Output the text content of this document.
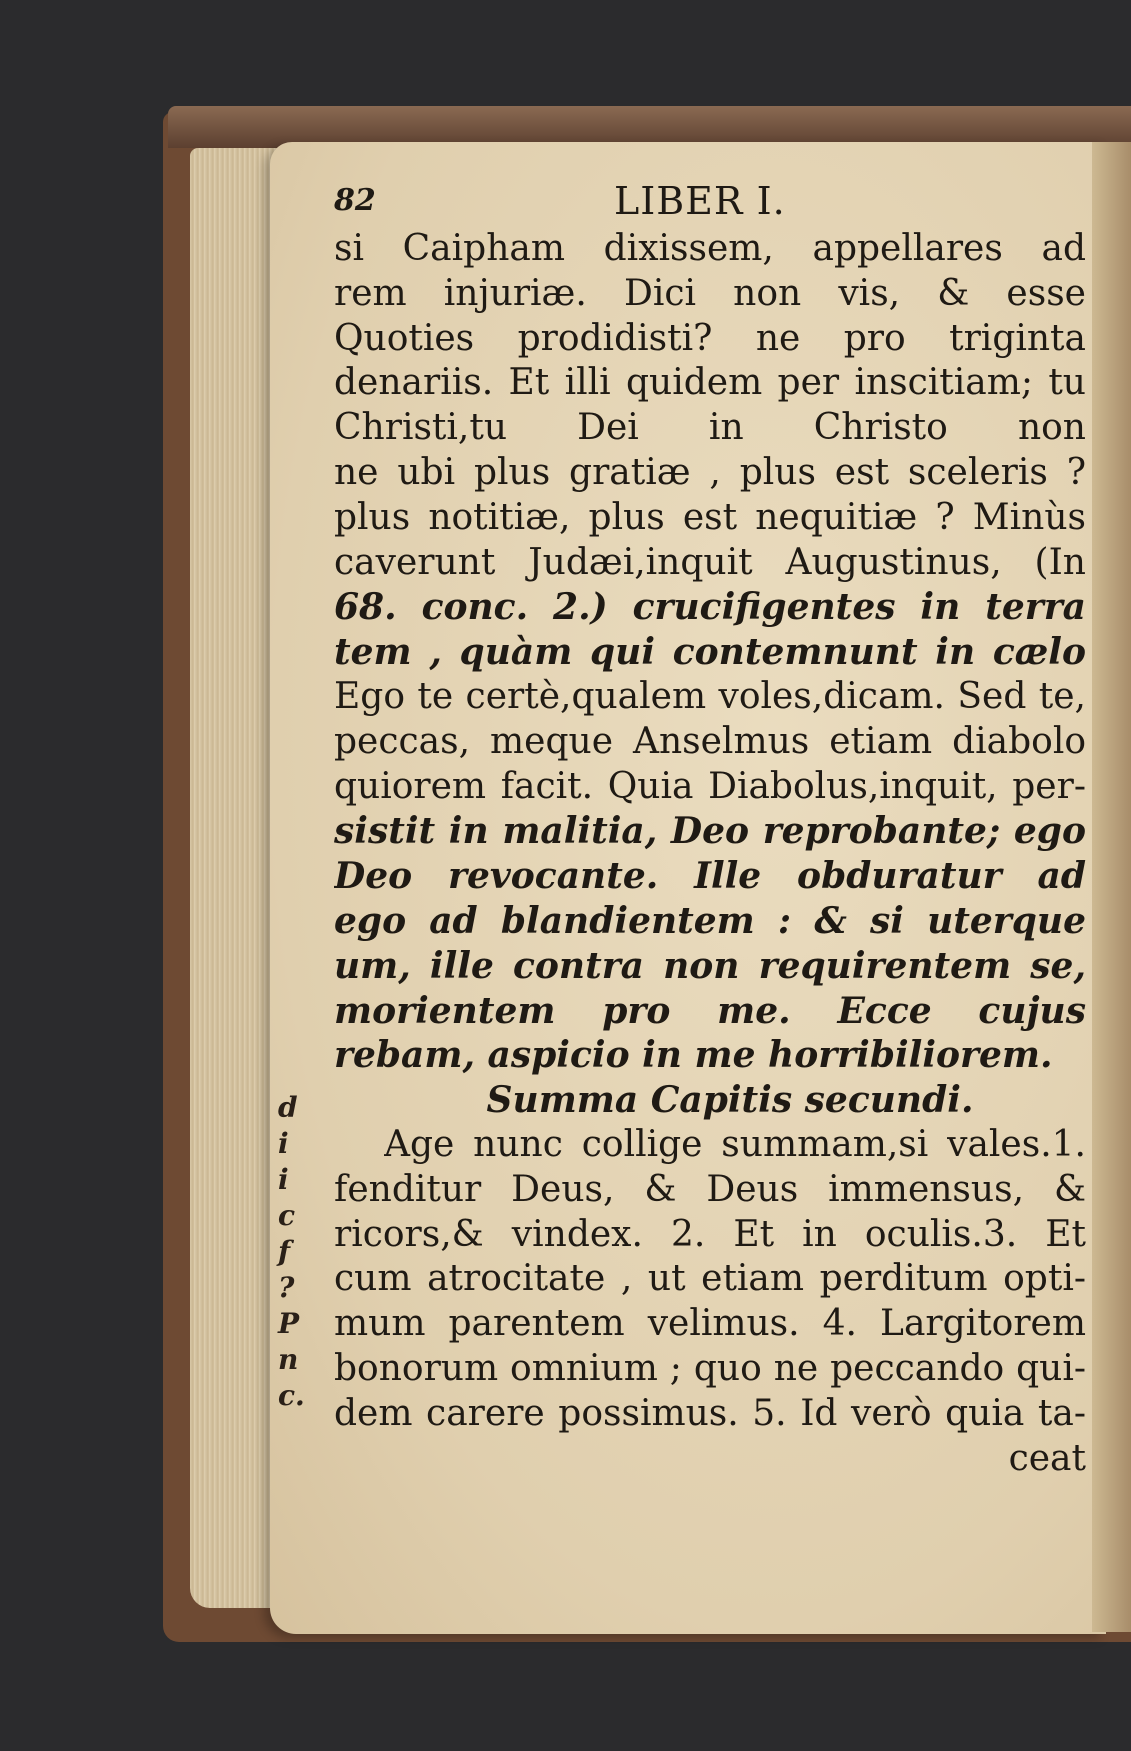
d
i
i
c
f
?
P
n
c.
82	LIBER I.
si Caipham dixissem, appellares ad
rem injuriæ. Dici non vis, & esse
Quoties prodidisti? ne pro triginta
denariis. Et illi quidem per inscitiam; tu
Christi,tu Dei in Christo non
ne ubi plus gratiæ , plus est sceleris ?
plus notitiæ, plus est nequitiæ ? Minùs
caverunt Judæi,inquit Augustinus, (In
68. conc. 2.) crucifigentes in terra
tem , quàm qui contemnunt in cælo
Ego te certè,qualem voles,dicam. Sed te,
peccas, meque Anselmus etiam diabolo
quiorem facit. Quia Diabolus,inquit, per-
sistit in malitia, Deo reprobante; ego
Deo revocante. Ille obduratur ad
ego ad blandientem : & si uterque
um, ille contra non requirentem se,
morientem pro me. Ecce cujus
rebam, aspicio in me horribiliorem.
Summa Capitis secundi.
Age nunc collige summam,si vales.1.
fenditur Deus, & Deus immensus, &
ricors,& vindex. 2. Et in oculis.3. Et
cum atrocitate , ut etiam perditum opti-
mum parentem velimus. 4. Largitorem
bonorum omnium ; quo ne peccando qui-
dem carere possimus. 5. Id verò quia ta-
ceat
